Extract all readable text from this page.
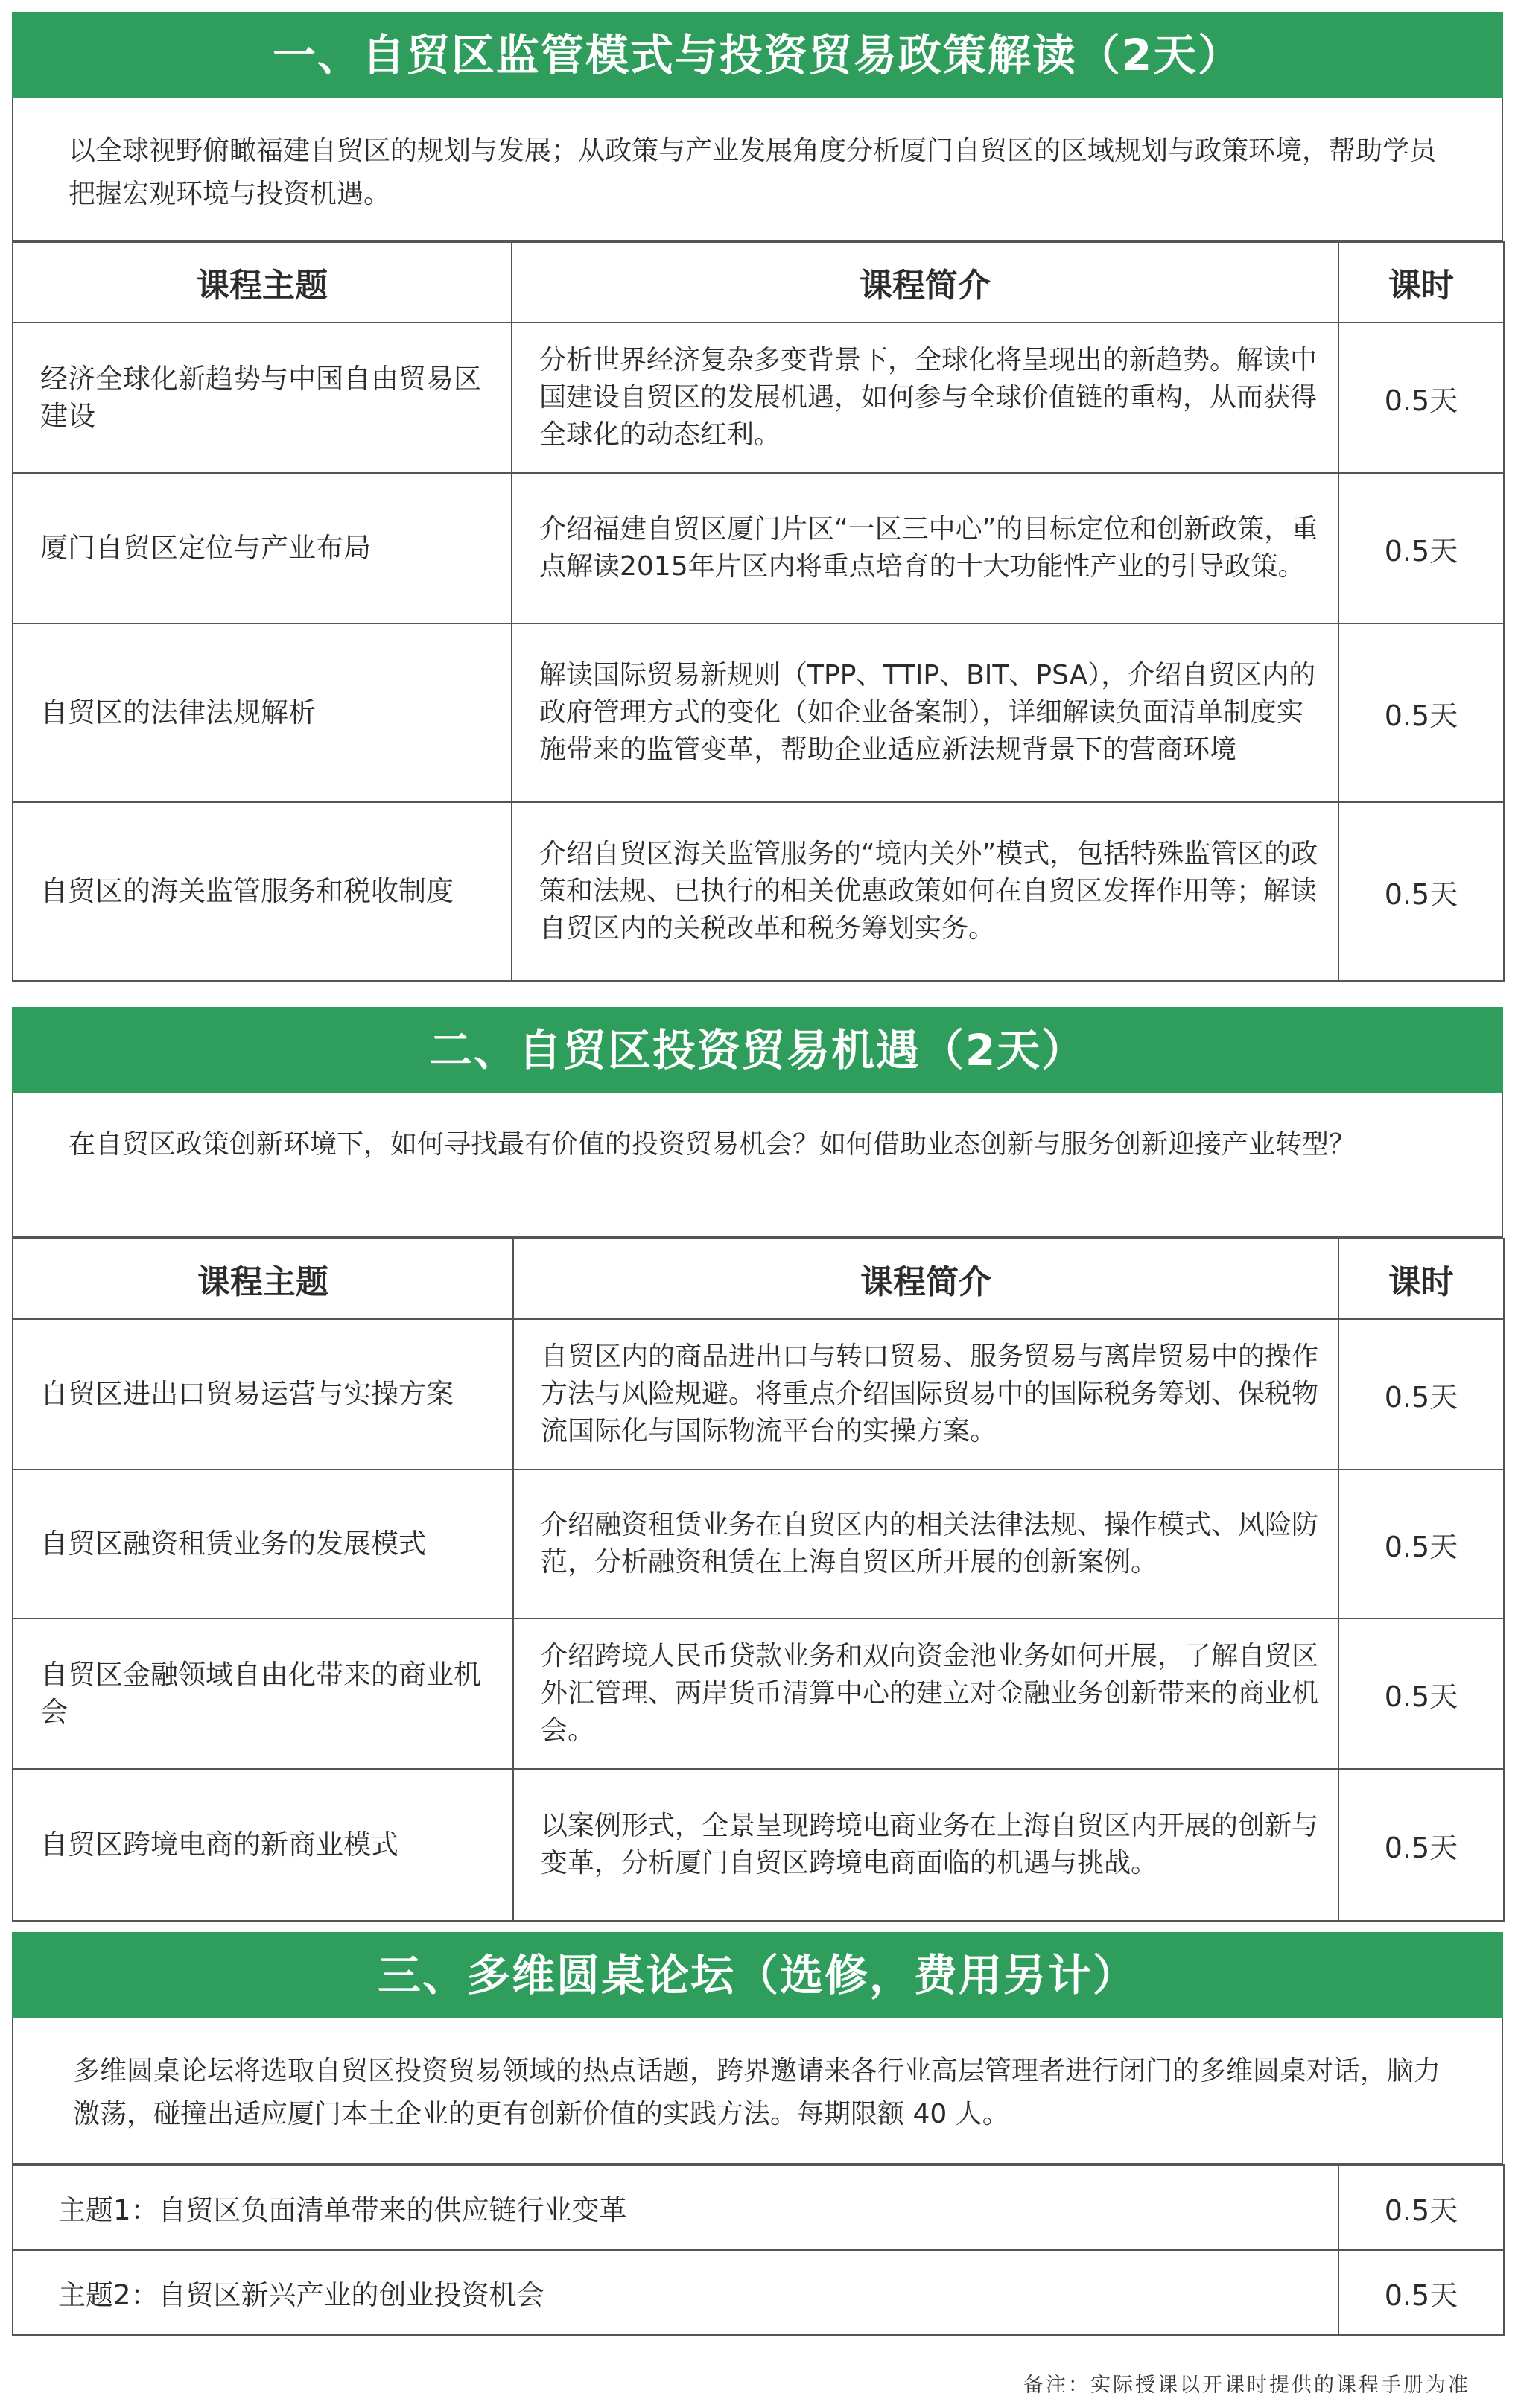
一、自贸区监管模式与投资贸易政策解读（2天）
以全球视野俯瞰福建自贸区的规划与发展；从政策与产业发展角度分析厦门自贸区的区域规划与政策环境，帮助学员把握宏观环境与投资机遇。
课程主题	课程简介	课时
经济全球化新趋势与中国自由贸易区建设	分析世界经济复杂多变背景下，全球化将呈现出的新趋势。解读中国建设自贸区的发展机遇，如何参与全球价值链的重构，从而获得全球化的动态红利。	0.5天
厦门自贸区定位与产业布局	介绍福建自贸区厦门片区“一区三中心”的目标定位和创新政策，重点解读2015年片区内将重点培育的十大功能性产业的引导政策。	0.5天
自贸区的法律法规解析	解读国际贸易新规则（TPP、TTIP、BIT、PSA），介绍自贸区内的政府管理方式的变化（如企业备案制），详细解读负面清单制度实施带来的监管变革，帮助企业适应新法规背景下的营商环境	0.5天
自贸区的海关监管服务和税收制度	介绍自贸区海关监管服务的“境内关外”模式，包括特殊监管区的政策和法规、已执行的相关优惠政策如何在自贸区发挥作用等；解读自贸区内的关税改革和税务筹划实务。	0.5天
二、自贸区投资贸易机遇（2天）
在自贸区政策创新环境下，如何寻找最有价值的投资贸易机会？如何借助业态创新与服务创新迎接产业转型？
课程主题	课程简介	课时
自贸区进出口贸易运营与实操方案	自贸区内的商品进出口与转口贸易、服务贸易与离岸贸易中的操作方法与风险规避。将重点介绍国际贸易中的国际税务筹划、保税物流国际化与国际物流平台的实操方案。	0.5天
自贸区融资租赁业务的发展模式	介绍融资租赁业务在自贸区内的相关法律法规、操作模式、风险防范，分析融资租赁在上海自贸区所开展的创新案例。	0.5天
自贸区金融领域自由化带来的商业机会	介绍跨境人民币贷款业务和双向资金池业务如何开展，了解自贸区外汇管理、两岸货币清算中心的建立对金融业务创新带来的商业机会。	0.5天
自贸区跨境电商的新商业模式	以案例形式，全景呈现跨境电商业务在上海自贸区内开展的创新与变革，分析厦门自贸区跨境电商面临的机遇与挑战。	0.5天
三、多维圆桌论坛（选修，费用另计）
多维圆桌论坛将选取自贸区投资贸易领域的热点话题，跨界邀请来各行业高层管理者进行闭门的多维圆桌对话，脑力激荡，碰撞出适应厦门本土企业的更有创新价值的实践方法。每期限额 40 人。
主题1：自贸区负面清单带来的供应链行业变革	0.5天
主题2：自贸区新兴产业的创业投资机会	0.5天
备注：实际授课以开课时提供的课程手册为准
